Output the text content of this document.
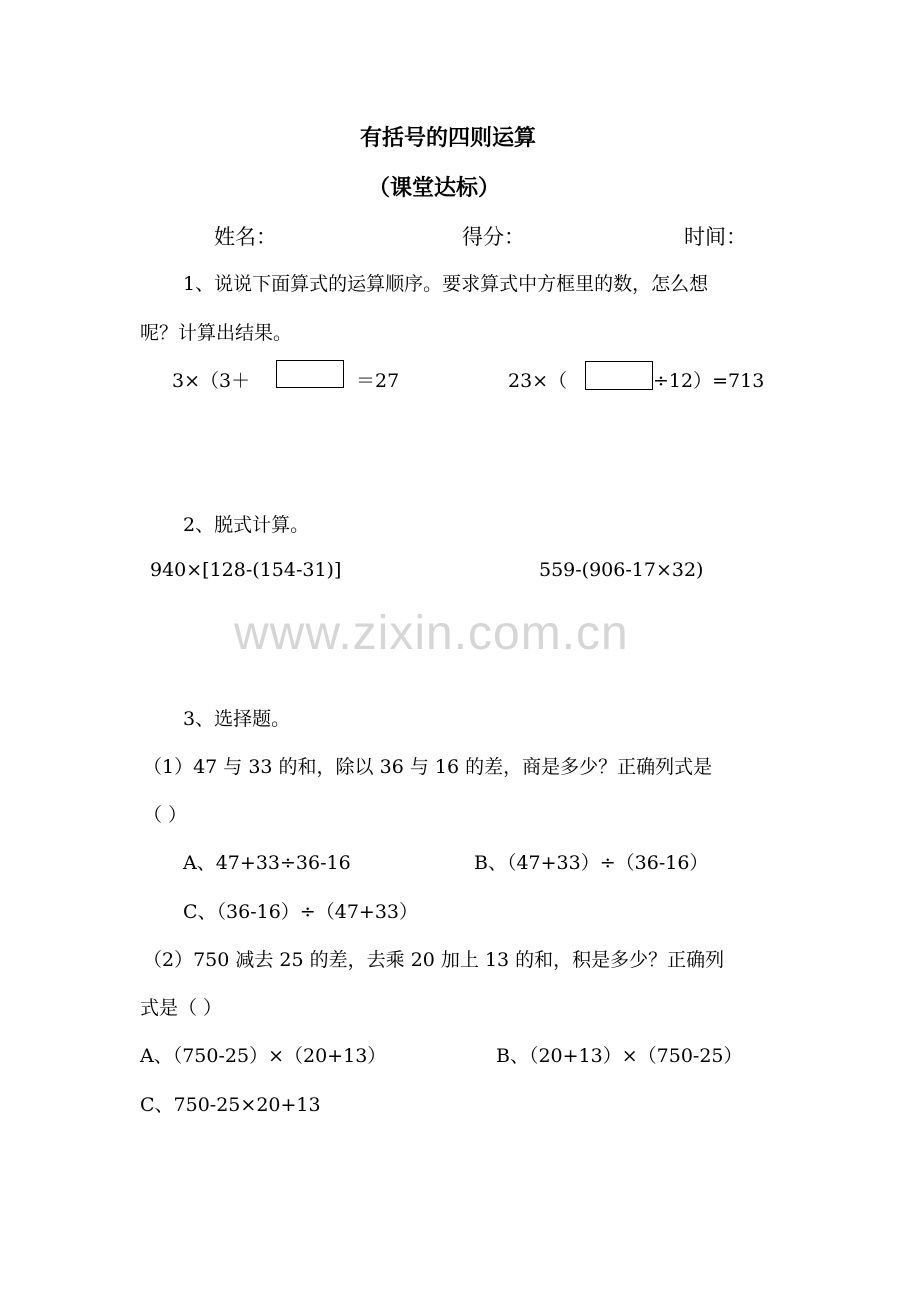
有括号的四则运算
（课堂达标）
姓名：	得分：	时间：
1、说说下面算式的运算顺序。要求算式中方框里的数，怎么想
呢？计算出结果。
3×（3＋	＝27	23×（	÷12）=713
2、脱式计算。
940×[128-(154-31)]	559-(906-17×32)
www.zixin.com.cn
3、选择题。
（1）47 与 33 的和，除以 36 与 16 的差，商是多少？正确列式是
（ ）
A、47+33÷36-16	B、（47+33）÷（36-16）
C、（36-16）÷（47+33）
（2）750 减去 25 的差，去乘 20 加上 13 的和，积是多少？正确列
式是（ ）
A、（750-25）×（20+13）	B、（20+13）×（750-25）
C、750-25×20+13
